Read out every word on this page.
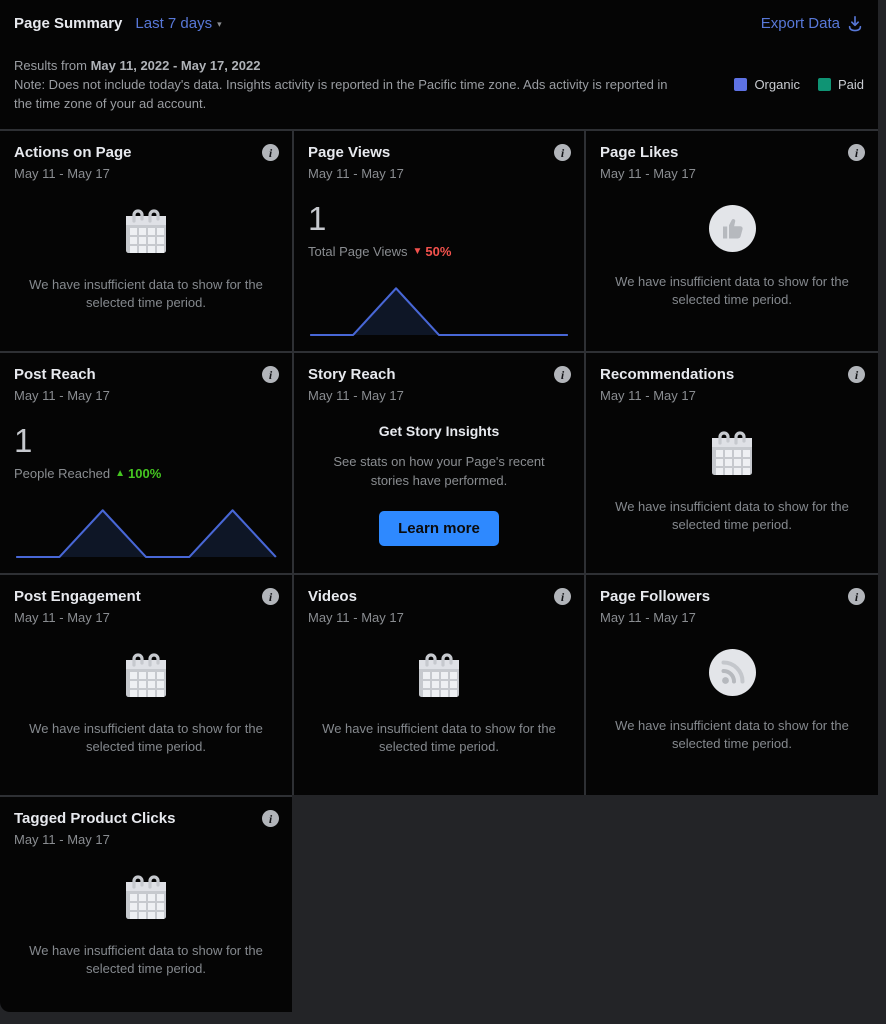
Page Summary Last 7 days ▾	Export Data
Results from May 11, 2022 - May 17, 2022
Note: Does not include today's data. Insights activity is reported in the Pacific time zone. Ads activity is reported in the time zone of your ad account.
Organic	Paid
Actions on Page
May 11 - May 17
i
We have insufficient data to show for the selected time period.
Page Views
May 11 - May 17
i
1
Total Page Views ▼ 50%
Page Likes
May 11 - May 17
i
We have insufficient data to show for the selected time period.
Post Reach
May 11 - May 17
i
1
People Reached ▲ 100%
Story Reach
May 11 - May 17
i
Get Story Insights
See stats on how your Page's recent stories have performed.
Learn more
Recommendations
May 11 - May 17
i
We have insufficient data to show for the selected time period.
Post Engagement
May 11 - May 17
i
We have insufficient data to show for the selected time period.
Videos
May 11 - May 17
i
We have insufficient data to show for the selected time period.
Page Followers
May 11 - May 17
i
We have insufficient data to show for the selected time period.
Tagged Product Clicks
May 11 - May 17
i
We have insufficient data to show for the selected time period.
